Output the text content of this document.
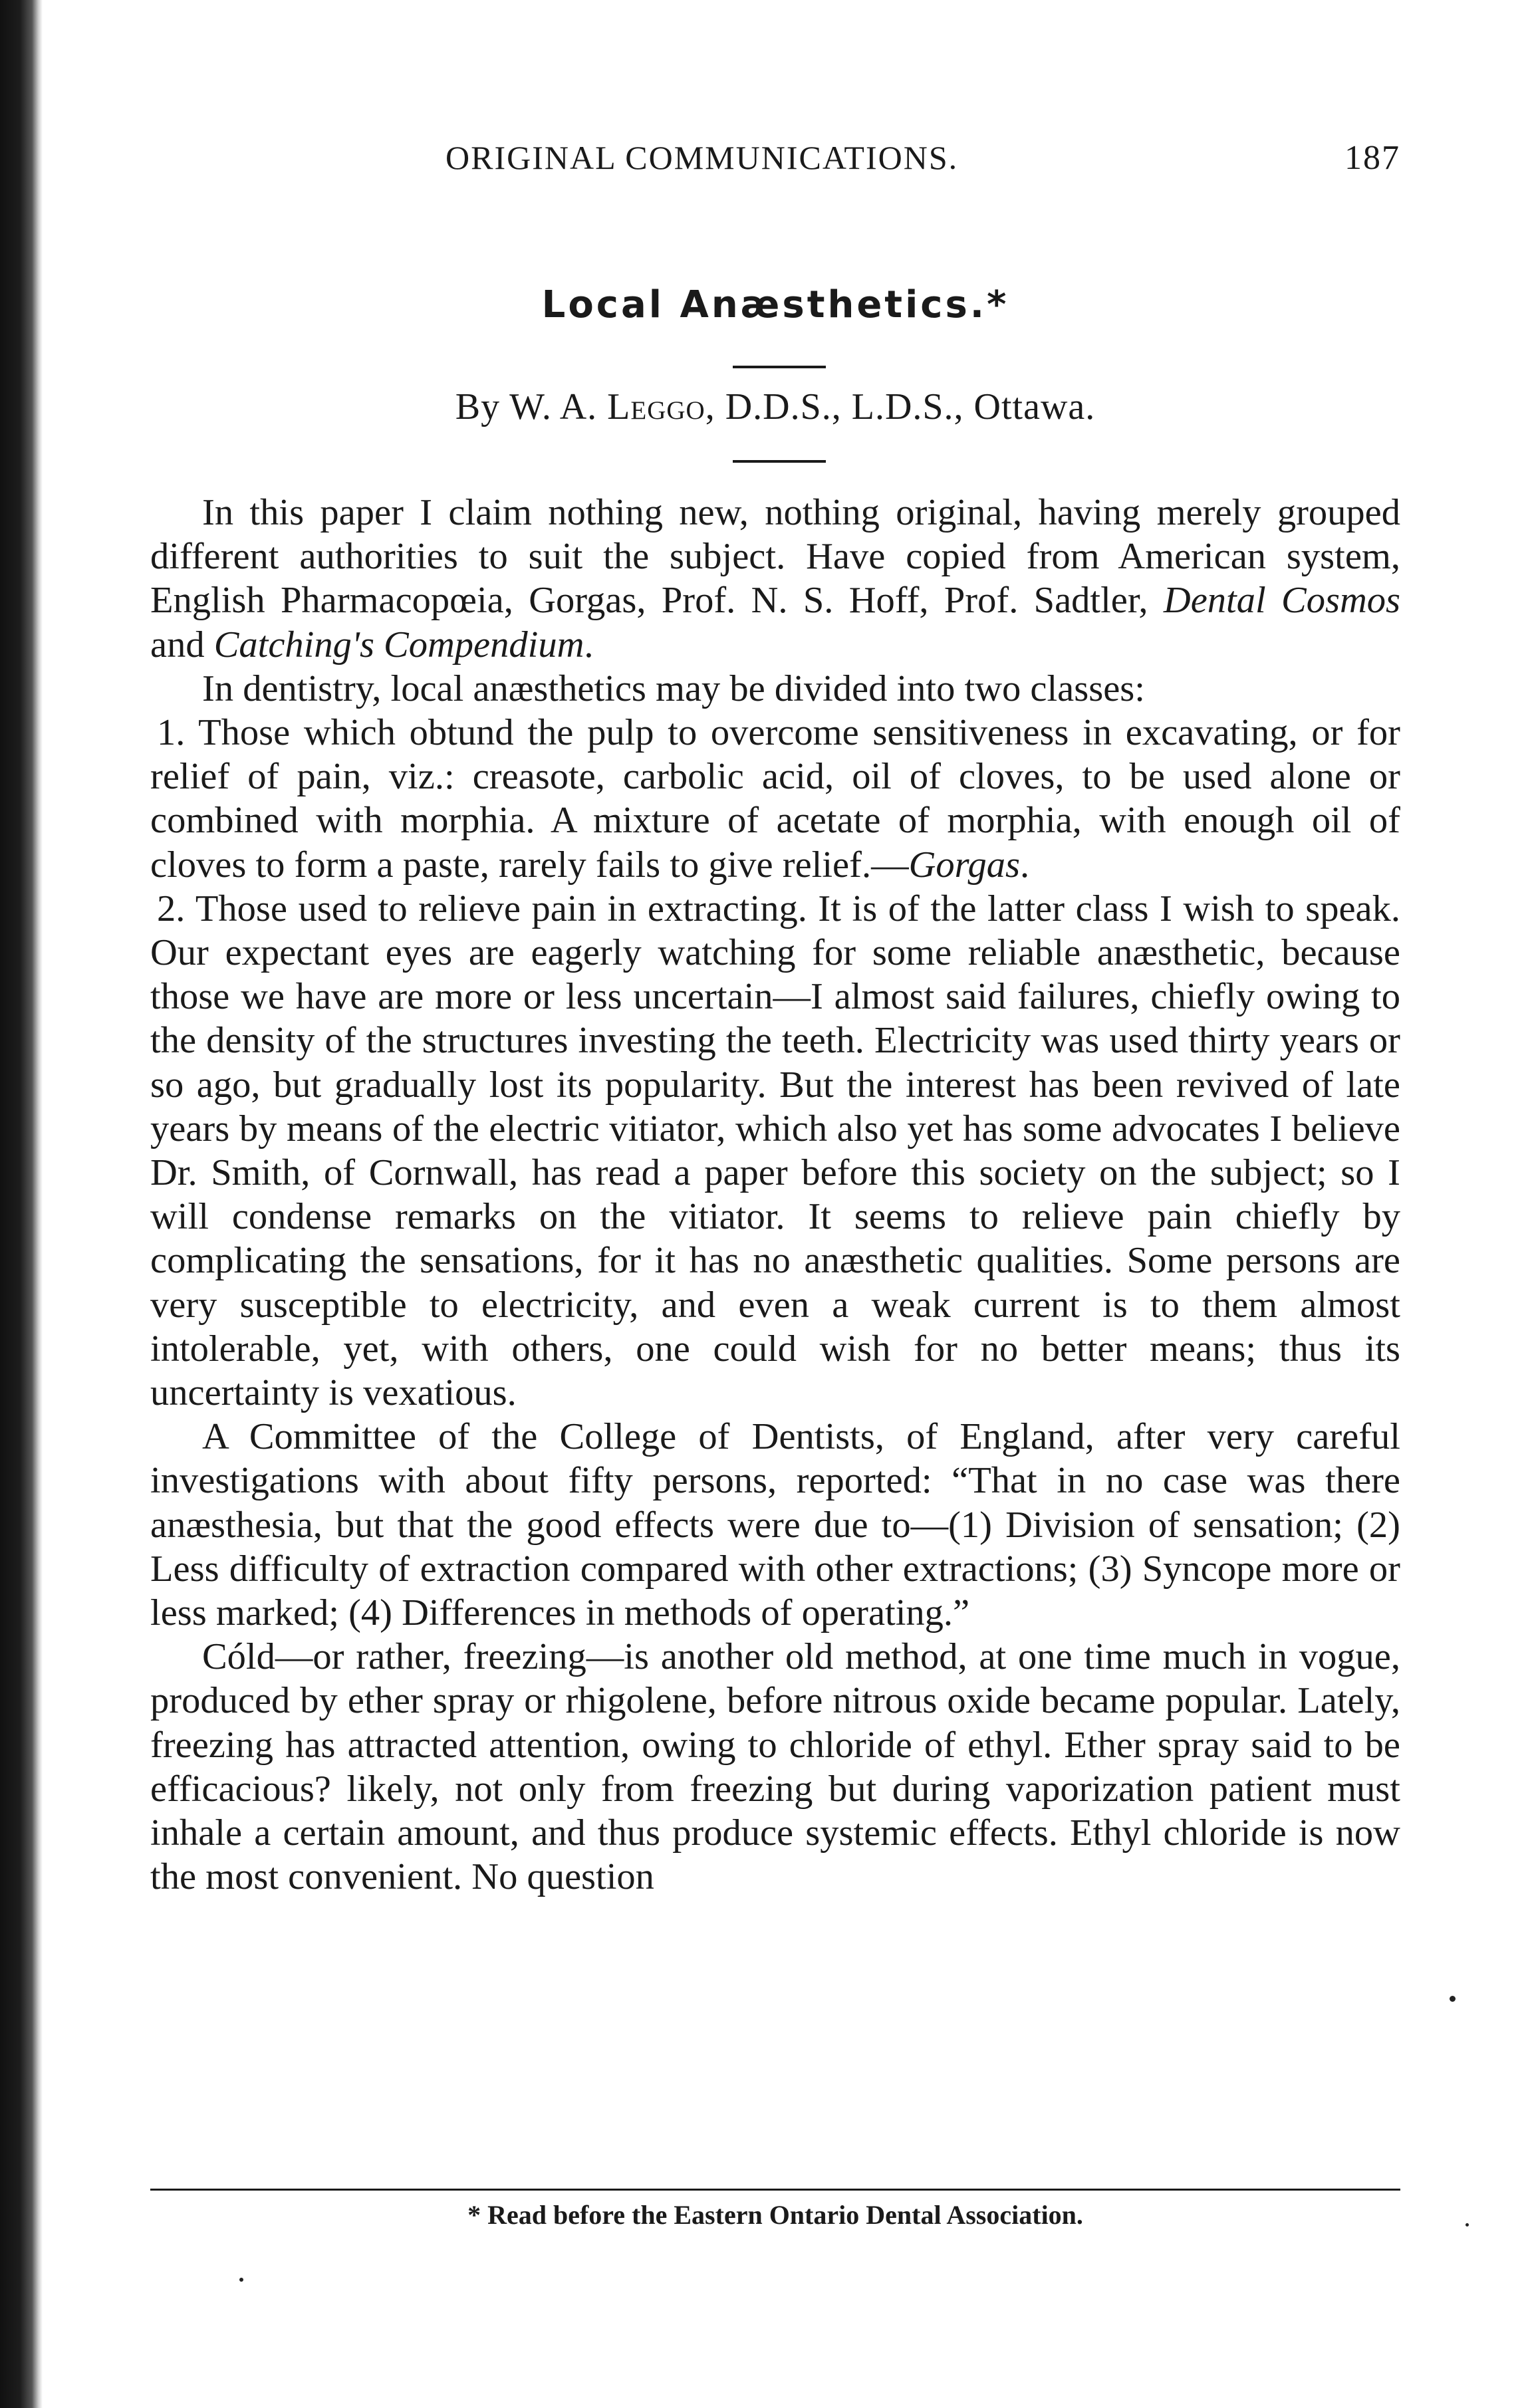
ORIGINAL COMMUNICATIONS.	187
Local Anæsthetics.*
By W. A. Leggo, D.D.S., L.D.S., Ottawa.

In this paper I claim nothing new, nothing original, having merely grouped different authorities to suit the subject. Have copied from American system, English Pharmacopœia, Gorgas, Prof. N. S. Hoff, Prof. Sadtler, Dental Cosmos and Catching's Compendium.

In dentistry, local anæsthetics may be divided into two classes:

1. Those which obtund the pulp to overcome sensitiveness in excavating, or for relief of pain, viz.: creasote, carbolic acid, oil of cloves, to be used alone or combined with morphia. A mixture of acetate of morphia, with enough oil of cloves to form a paste, rarely fails to give relief.—Gorgas.

2. Those used to relieve pain in extracting. It is of the latter class I wish to speak. Our expectant eyes are eagerly watching for some reliable anæsthetic, because those we have are more or less uncertain—I almost said failures, chiefly owing to the density of the structures investing the teeth. Electricity was used thirty years or so ago, but gradually lost its popularity. But the interest has been revived of late years by means of the electric vitiator, which also yet has some advocates I believe Dr. Smith, of Cornwall, has read a paper before this society on the subject; so I will condense remarks on the vitiator. It seems to relieve pain chiefly by complicating the sensations, for it has no anæsthetic qualities. Some persons are very susceptible to electricity, and even a weak current is to them almost intolerable, yet, with others, one could wish for no better means; thus its uncertainty is vexatious.

A Committee of the College of Dentists, of England, after very careful investigations with about fifty persons, reported: “That in no case was there anæsthesia, but that the good effects were due to—(1) Division of sensation; (2) Less difficulty of extraction compared with other extractions; (3) Syncope more or less marked; (4) Differences in methods of operating.”

Cóld—or rather, freezing—is another old method, at one time much in vogue, produced by ether spray or rhigolene, before nitrous oxide became popular. Lately, freezing has attracted attention, owing to chloride of ethyl. Ether spray said to be efficacious? likely, not only from freezing but during vaporization patient must inhale a certain amount, and thus produce systemic effects. Ethyl chloride is now the most convenient. No question

* Read before the Eastern Ontario Dental Association.
